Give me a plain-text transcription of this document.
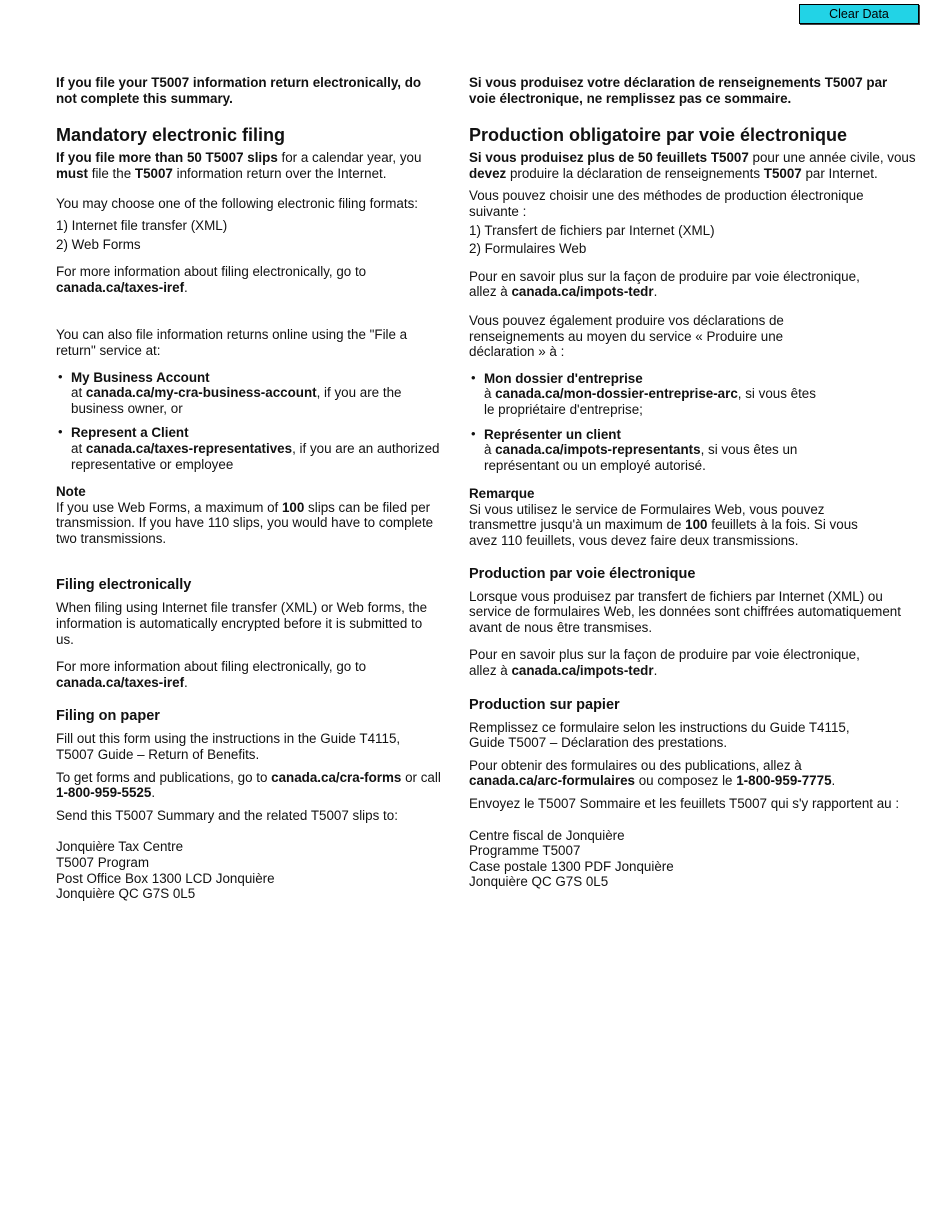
Clear Data

If you file your T5007 information return electronically, do not complete this summary.

Mandatory electronic filing

If you file more than 50 T5007 slips for a calendar year, you must file the T5007 information return over the Internet.

You may choose one of the following electronic filing formats:

1) Internet file transfer (XML)

2) Web Forms

For more information about filing electronically, go to canada.ca/taxes-iref.

You can also file information returns online using the "File a return" service at:

• My Business Account
at canada.ca/my-cra-business-account, if you are the business owner, or
• Represent a Client
at canada.ca/taxes-representatives, if you are an authorized representative or employee

Note

If you use Web Forms, a maximum of 100 slips can be filed per transmission. If you have 110 slips, you would have to complete two transmissions.

Filing electronically

When filing using Internet file transfer (XML) or Web forms, the information is automatically encrypted before it is submitted to us.

For more information about filing electronically, go to canada.ca/taxes-iref.

Filing on paper

Fill out this form using the instructions in the Guide T4115, T5007 Guide – Return of Benefits.

To get forms and publications, go to canada.ca/cra-forms or call 1-800-959-5525.

Send this T5007 Summary and the related T5007 slips to:

Jonquière Tax Centre

T5007 Program

Post Office Box 1300 LCD Jonquière

Jonquière QC G7S 0L5

Si vous produisez votre déclaration de renseignements T5007 par voie électronique, ne remplissez pas ce sommaire.

Production obligatoire par voie électronique

Si vous produisez plus de 50 feuillets T5007 pour une année civile, vous devez produire la déclaration de renseignements T5007 par Internet.

Vous pouvez choisir une des méthodes de production électronique suivante :

1) Transfert de fichiers par Internet (XML)

2) Formulaires Web

Pour en savoir plus sur la façon de produire par voie électronique, allez à canada.ca/impots-tedr.

Vous pouvez également produire vos déclarations de renseignements au moyen du service « Produire une déclaration » à :

• Mon dossier d'entreprise
à canada.ca/mon-dossier-entreprise-arc, si vous êtes le propriétaire d'entreprise;
• Représenter un client
à canada.ca/impots-representants, si vous êtes un représentant ou un employé autorisé.

Remarque

Si vous utilisez le service de Formulaires Web, vous pouvez transmettre jusqu'à un maximum de 100 feuillets à la fois. Si vous avez 110 feuillets, vous devez faire deux transmissions.

Production par voie électronique

Lorsque vous produisez par transfert de fichiers par Internet (XML) ou service de formulaires Web, les données sont chiffrées automatiquement avant de nous être transmises.

Pour en savoir plus sur la façon de produire par voie électronique, allez à canada.ca/impots-tedr.

Production sur papier

Remplissez ce formulaire selon les instructions du Guide T4115, Guide T5007 – Déclaration des prestations.

Pour obtenir des formulaires ou des publications, allez à canada.ca/arc-formulaires ou composez le 1-800-959-7775.

Envoyez le T5007 Sommaire et les feuillets T5007 qui s'y rapportent au :

Centre fiscal de Jonquière

Programme T5007

Case postale 1300 PDF Jonquière

Jonquière QC G7S 0L5
